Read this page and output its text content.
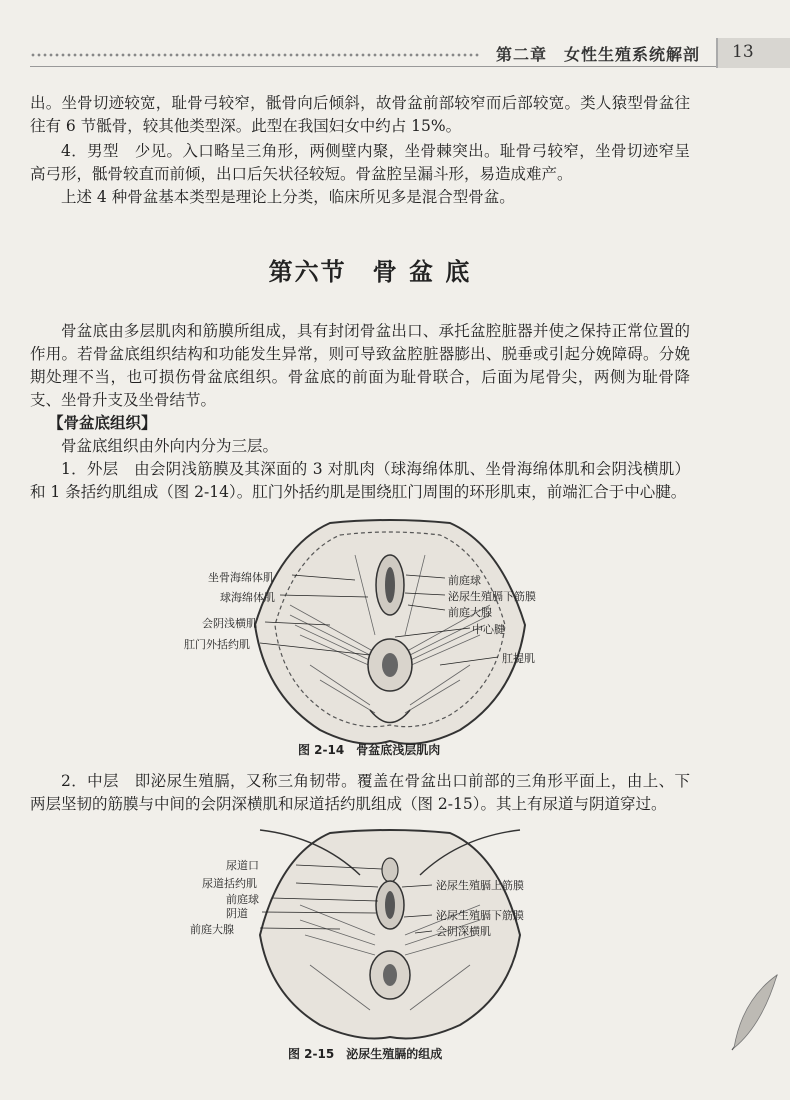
第二章　女性生殖系统解剖 13

出。坐骨切迹较宽，耻骨弓较窄，骶骨向后倾斜，故骨盆前部较窄而后部较宽。类人猿型骨盆往往有 6 节骶骨，较其他类型深。此型在我国妇女中约占 15%。

4．男型　少见。入口略呈三角形，两侧壁内聚，坐骨棘突出。耻骨弓较窄，坐骨切迹窄呈高弓形，骶骨较直而前倾，出口后矢状径较短。骨盆腔呈漏斗形，易造成难产。

上述 4 种骨盆基本类型是理论上分类，临床所见多是混合型骨盆。

第六节　骨 盆 底

骨盆底由多层肌肉和筋膜所组成，具有封闭骨盆出口、承托盆腔脏器并使之保持正常位置的作用。若骨盆底组织结构和功能发生异常，则可导致盆腔脏器膨出、脱垂或引起分娩障碍。分娩期处理不当，也可损伤骨盆底组织。骨盆底的前面为耻骨联合，后面为尾骨尖，两侧为耻骨降支、坐骨升支及坐骨结节。

【骨盆底组织】

骨盆底组织由外向内分为三层。

1．外层　由会阴浅筋膜及其深面的 3 对肌肉（球海绵体肌、坐骨海绵体肌和会阴浅横肌）和 1 条括约肌组成（图 2-14）。肛门外括约肌是围绕肛门周围的环形肌束，前端汇合于中心腱。

坐骨海绵体肌
球海绵体肌
会阴浅横肌
肛门外括约肌
前庭球
泌尿生殖膈下筋膜
前庭大腺
中心腱
肛提肌
图 2-14　骨盆底浅层肌肉

2．中层　即泌尿生殖膈，又称三角韧带。覆盖在骨盆出口前部的三角形平面上，由上、下两层坚韧的筋膜与中间的会阴深横肌和尿道括约肌组成（图 2-15）。其上有尿道与阴道穿过。

尿道口
尿道括约肌
前庭球
阴道
前庭大腺
泌尿生殖膈上筋膜
泌尿生殖膈下筋膜
会阴深横肌
图 2-15　泌尿生殖膈的组成
